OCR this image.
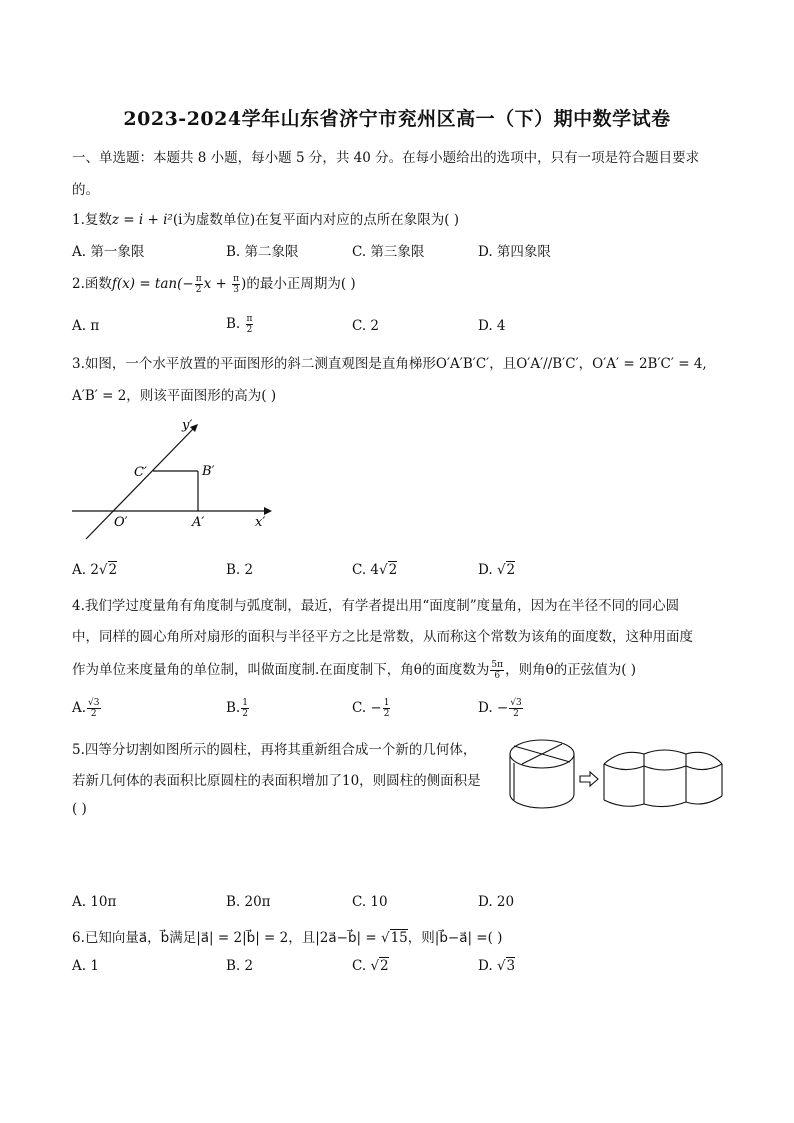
2023-2024学年山东省济宁市兖州区高一（下）期中数学试卷
一、单选题：本题共 8 小题，每小题 5 分，共 40 分。在每小题给出的选项中，只有一项是符合题目要求
的。
1.复数z = i + i²(i为虚数单位)在复平面内对应的点所在象限为( )
A. 第一象限	B. 第二象限	C. 第三象限	D. 第四象限
2.函数$f(x) = \tan(- \frac{\pi}{2}$ $x + \frac{\pi}{3}$ )的最小正周期为( )
A. π	B. $\frac{\pi}{2}$	C. 2	D. 4
3.如图，一个水平放置的平面图形的斜二测直观图是直角梯形O′A′B′C′，且O′A′//B′C′，O′A′ = 2B′C′ = 4,
A′B′ = 2，则该平面图形的高为( )
y′
x′
O′	A′
B′
C′
A. 2√2	B. 2	C. 4√2	D. √2
4.我们学过度量角有角度制与弧度制，最近，有学者提出用“面度制”度量角，因为在半径不同的同心圆
中，同样的圆心角所对扇形的面积与半径平方之比是常数，从而称这个常数为该角的面度数，这种用面度
作为单位来度量角的单位制，叫做面度制.在面度制下，角θ的面度数为 $\frac{5\pi}{6}$ ，则角θ的正弦值为( )
A. $\frac{√3}{2}$	B. $\frac{1}{2}$	C. − $\frac{1}{2}$	D. − $\frac{√3}{2}$
5.四等分切割如图所示的圆柱，再将其重新组合成一个新的几何体，
若新几何体的表面积比原圆柱的表面积增加了10，则圆柱的侧面积是
( )
A. 10π	B. 20π	C. 10	D. 20
6.已知向量a⃗，b⃗满足|a⃗| = 2|b⃗| = 2，且|2a⃗−b⃗| = √15，则|b⃗−a⃗| =( )
A. 1	B. 2	C. √2	D. √3
